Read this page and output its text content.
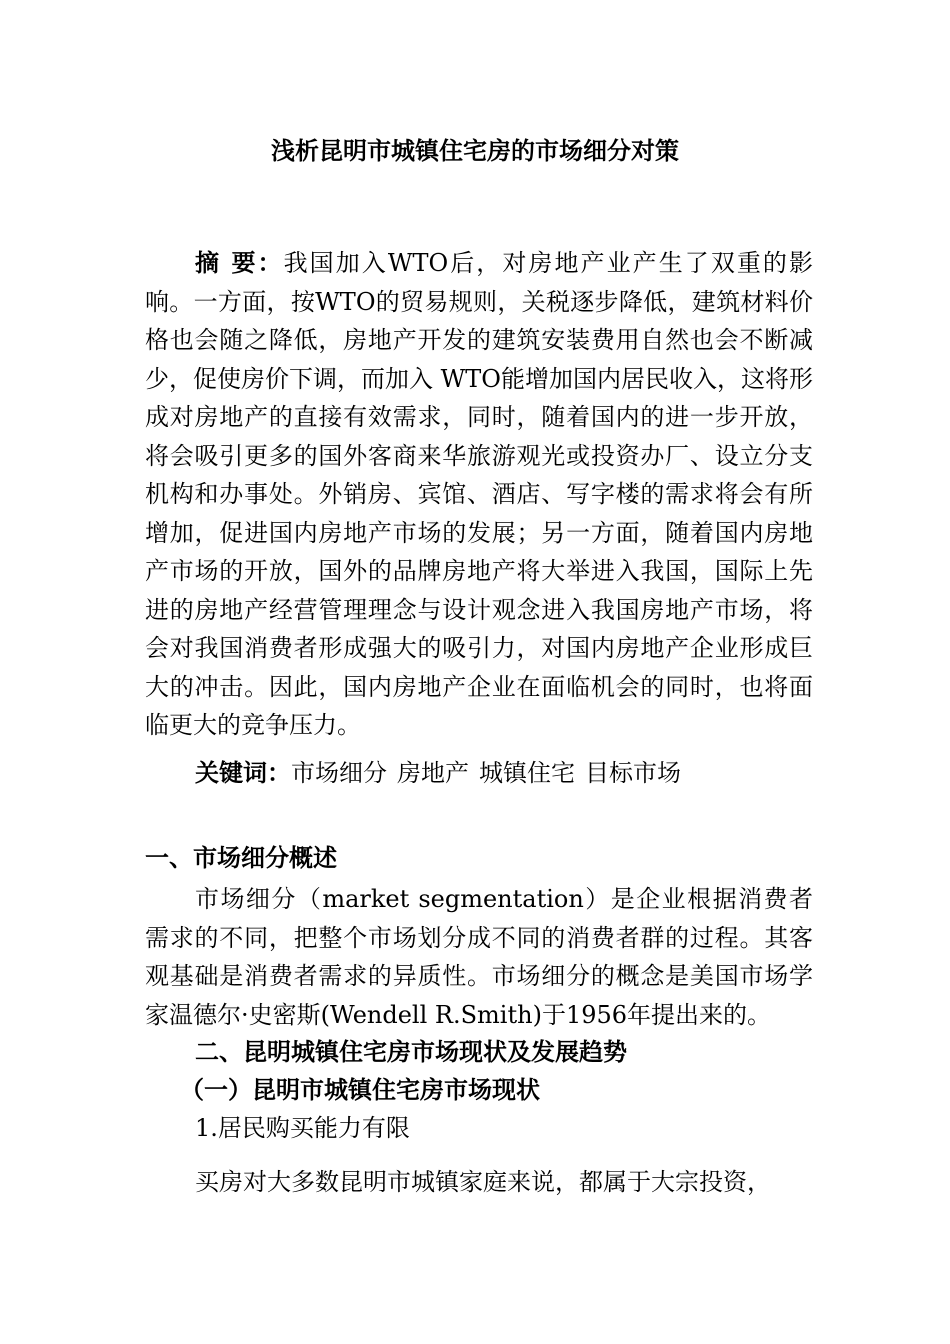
浅析昆明市城镇住宅房的市场细分对策

摘 要：我国加入WTO后，对房地产业产生了双重的影响。一方面，按WTO的贸易规则，关税逐步降低，建筑材料价格也会随之降低，房地产开发的建筑安装费用自然也会不断减少，促使房价下调，而加入 WTO能增加国内居民收入，这将形成对房地产的直接有效需求，同时，随着国内的进一步开放，将会吸引更多的国外客商来华旅游观光或投资办厂、设立分支机构和办事处。外销房、宾馆、酒店、写字楼的需求将会有所增加，促进国内房地产市场的发展；另一方面，随着国内房地产市场的开放，国外的品牌房地产将大举进入我国，国际上先进的房地产经营管理理念与设计观念进入我国房地产市场，将会对我国消费者形成强大的吸引力，对国内房地产企业形成巨大的冲击。因此，国内房地产企业在面临机会的同时，也将面临更大的竞争压力。

关键词：市场细分 房地产 城镇住宅 目标市场
一、市场细分概述

市场细分（market segmentation）是企业根据消费者需求的不同，把整个市场划分成不同的消费者群的过程。其客观基础是消费者需求的异质性。市场细分的概念是美国市场学家温德尔·史密斯(Wendell R.Smith)于1956年提出来的。

二、昆明城镇住宅房市场现状及发展趋势
（一）昆明市城镇住宅房市场现状
1.居民购买能力有限
买房对大多数昆明市城镇家庭来说，都属于大宗投资，
